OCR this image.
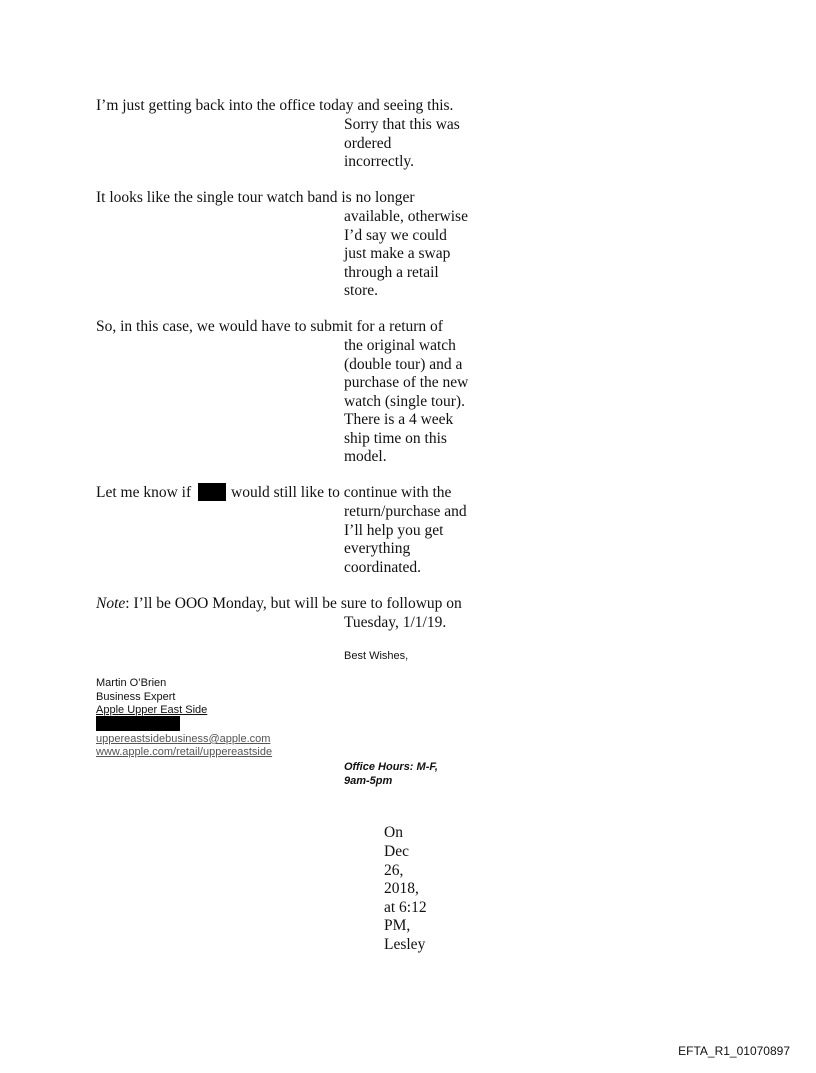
I’m just getting back into the office today and seeing this.
Sorry that this was
ordered
incorrectly.
It looks like the single tour watch band is no longer
available, otherwise
I’d say we could
just make a swap
through a retail
store.
So, in this case, we would have to submit for a return of
the original watch
(double tour) and a
purchase of the new
watch (single tour).
There is a 4 week
ship time on this
model.
Let me know if	would still like to continue with the
return/purchase and
I’ll help you get
everything
coordinated.
Note: I’ll be OOO Monday, but will be sure to followup on
Tuesday, 1/1/19.
Best Wishes,
Martin O’Brien
Business Expert
Apple Upper East Side
uppereastsidebusiness@apple.com
www.apple.com/retail/uppereastside
Office Hours: M-F,
9am-5pm
On
Dec
26,
2018,
at 6:12
PM,
Lesley
EFTA_R1_01070897
